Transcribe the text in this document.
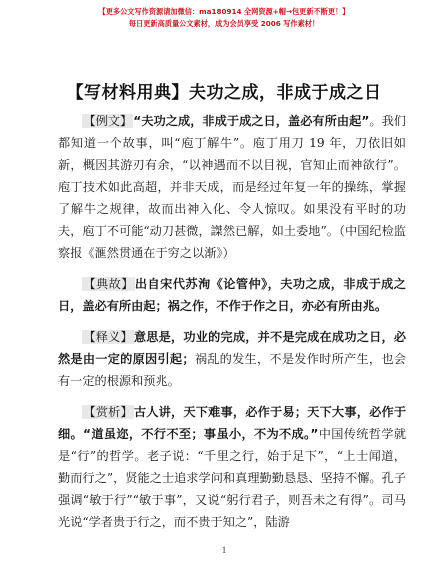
【更多公文写作资源请加微信：ma180914 全网资源+帽→包更新不断更！】
每日更新高质量公文素材，成为会员享受 2006 写作素材！
【写材料用典】夫功之成，非成于成之日

【例文】“夫功之成，非成于成之日，盖必有所由起”。我们都知道一个故事，叫“庖丁解牛”。庖丁用刀 19 年，刀依旧如新，概因其游刃有余，“以神遇而不以目视，官知止而神欲行”。庖丁技术如此高超，并非天成，而是经过年复一年的操练，掌握了解牛之规律，故而出神入化、令人惊叹。如果没有平时的功夫，庖丁不可能“动刀甚微，謋然已解，如土委地”。（中国纪检监察报《滙然贯通在于穷之以渐》）

【典故】出自宋代苏洵《论管仲》，夫功之成，非成于成之日，盖必有所由起；祸之作，不作于作之日，亦必有所由兆。

【释义】意思是，功业的完成，并不是完成在成功之日，必然是由一定的原因引起；祸乱的发生，不是发作时所产生，也会有一定的根源和预兆。

【赏析】古人讲，天下难事，必作于易；天下大事，必作于细。“道虽迩，不行不至；事虽小，不为不成。”中国传统哲学就是“行”的哲学。老子说：“千里之行，始于足下”，“上士闻道，勤而行之”，贤能之士追求学问和真理勤勤恳恳、坚持不懈。孔子强调“敏于行”“敏于事”，又说“躬行君子，则吾未之有得”。司马光说“学者贵于行之，而不贵于知之”，陆游

1
